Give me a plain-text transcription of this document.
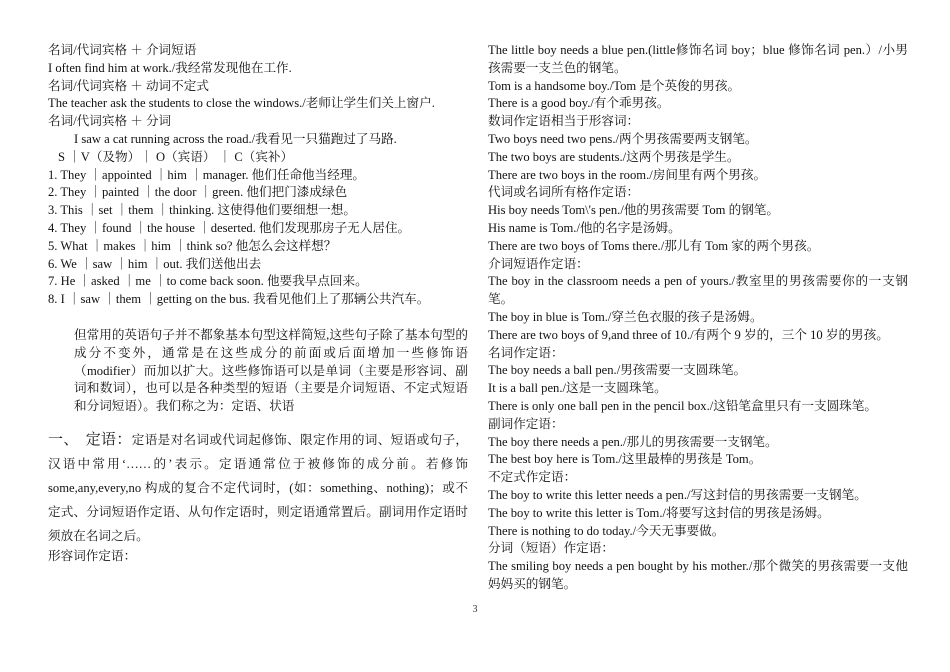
名词/代词宾格 ＋ 介词短语
I often find him at work./我经常发现他在工作.
名词/代词宾格 ＋ 动词不定式
The teacher ask the students to close the windows./老师让学生们关上窗户.
名词/代词宾格 ＋ 分词
I saw a cat running across the road./我看见一只猫跑过了马路.
S ｜V（及物）｜ O（宾语） ｜ C（宾补）
1. They ｜appointed ｜him ｜manager. 他们任命他当经理。
2. They ｜painted ｜the door ｜green. 他们把门漆成绿色
3. This ｜set ｜them ｜thinking. 这使得他们要细想一想。
4. They ｜found ｜the house ｜deserted. 他们发现那房子无人居住。
5. What ｜makes ｜him ｜think so? 他怎么会这样想？
6. We ｜saw ｜him ｜out. 我们送他出去
7. He ｜asked ｜me ｜to come back soon. 他要我早点回来。
8. I ｜saw ｜them ｜getting on the bus. 我看见他们上了那辆公共汽车。
但常用的英语句子并不都象基本句型这样简短,这些句子除了基本句型的成分不变外，通常是在这些成分的前面或后面增加一些修饰语（modifier）而加以扩大。这些修饰语可以是单词（主要是形容词、副词和数词），也可以是各种类型的短语（主要是介词短语、不定式短语和分词短语）。我们称之为：定语、状语
一、 定语：定语是对名词或代词起修饰、限定作用的词、短语或句子，汉语中常用‘……的’表示。定语通常位于被修饰的成分前。若修饰 some,any,every,no 构成的复合不定代词时，(如：something、nothing)；或不定式、分词短语作定语、从句作定语时，则定语通常置后。副词用作定语时须放在名词之后。
形容词作定语：
The little boy needs a blue pen.(little修饰名词 boy；blue 修饰名词 pen.）/小男孩需要一支兰色的钢笔。
Tom is a handsome boy./Tom 是个英俊的男孩。
There is a good boy./有个乖男孩。
数词作定语相当于形容词：
Two boys need two pens./两个男孩需要两支钢笔。
The two boys are students./这两个男孩是学生。
There are two boys in the room./房间里有两个男孩。
代词或名词所有格作定语：
His boy needs Tom\'s pen./他的男孩需要 Tom 的钢笔。
His name is Tom./他的名字是汤姆。
There are two boys of Toms there./那儿有 Tom 家的两个男孩。
介词短语作定语：
The boy in the classroom needs a pen of yours./教室里的男孩需要你的一支钢笔。
The boy in blue is Tom./穿兰色衣服的孩子是汤姆。
There are two boys of 9,and three of 10./有两个 9 岁的，三个 10 岁的男孩。
名词作定语：
The boy needs a ball pen./男孩需要一支圆珠笔。
It is a ball pen./这是一支圆珠笔。
There is only one ball pen in the pencil box./这铅笔盒里只有一支圆珠笔。
副词作定语：
The boy there needs a pen./那儿的男孩需要一支钢笔。
The best boy here is Tom./这里最棒的男孩是 Tom。
不定式作定语：
The boy to write this letter needs a pen./写这封信的男孩需要一支钢笔。
The boy to write this letter is Tom./将要写这封信的男孩是汤姆。
There is nothing to do today./今天无事要做。
分词（短语）作定语：
The smiling boy needs a pen bought by his mother./那个微笑的男孩需要一支他妈妈买的钢笔。
3
